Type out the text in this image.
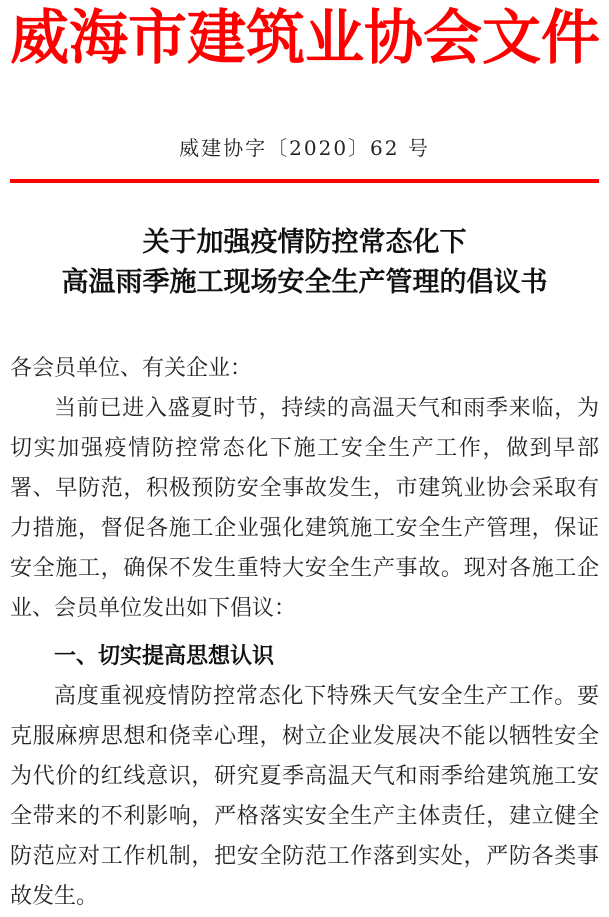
威海市建筑业协会文件
威建协字〔2020〕62 号
关于加强疫情防控常态化下
高温雨季施工现场安全生产管理的倡议书

各会员单位、有关企业：

当前已进入盛夏时节，持续的高温天气和雨季来临，为切实加强疫情防控常态化下施工安全生产工作，做到早部署、早防范，积极预防安全事故发生，市建筑业协会采取有力措施，督促各施工企业强化建筑施工安全生产管理，保证安全施工，确保不发生重特大安全生产事故。现对各施工企业、会员单位发出如下倡议：

一、切实提高思想认识

高度重视疫情防控常态化下特殊天气安全生产工作。要克服麻痹思想和侥幸心理，树立企业发展决不能以牺牲安全为代价的红线意识，研究夏季高温天气和雨季给建筑施工安全带来的不利影响，严格落实安全生产主体责任，建立健全防范应对工作机制，把安全防范工作落到实处，严防各类事故发生。
